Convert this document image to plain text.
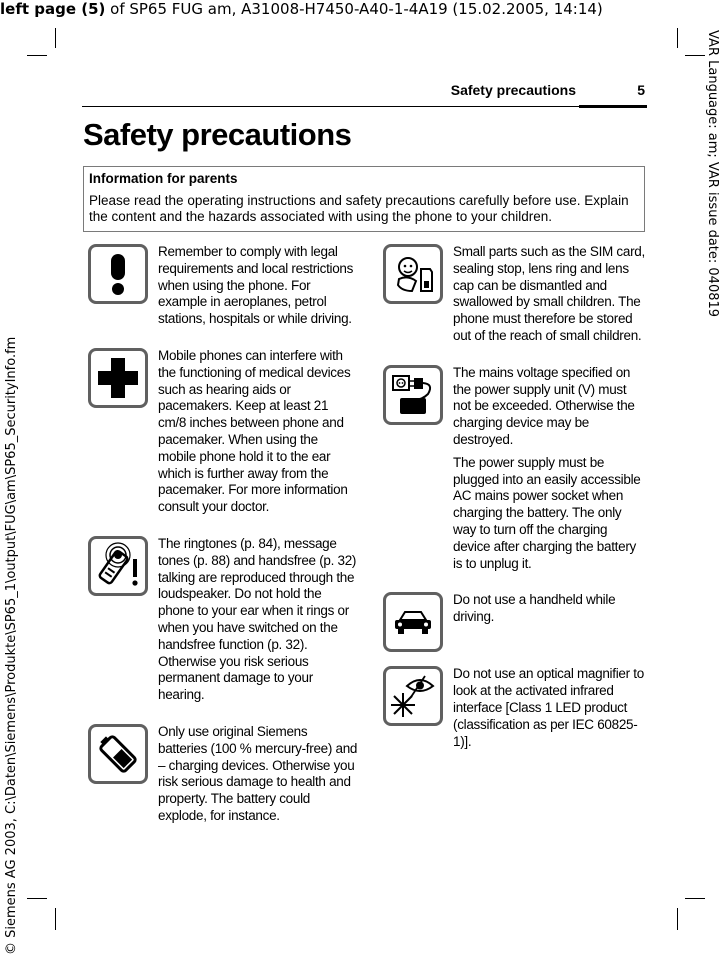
left page (5) of SP65 FUG am, A31008-H7450-A40-1-4A19 (15.02.2005, 14:14)
VAR Language: am; VAR issue date: 040819
© Siemens AG 2003, C:\Daten\Siemens\Produkte\SP65_1\output\FUG\am\SP65_SecurityInfo.fm
Safety precautions	5
Safety precautions
Information for parents
Please read the operating instructions and safety precautions carefully before use. Explain the content and the hazards associated with using the phone to your children.

Remember to comply with legal requirements and local restrictions when using the phone. For example in aeroplanes, petrol stations, hospitals or while driving.

Mobile phones can interfere with the functioning of medical devices such as hearing aids or pacemakers. Keep at least 21 cm/8 inches between phone and pacemaker. When using the mobile phone hold it to the ear which is further away from the pacemaker. For more information consult your doctor.

The ringtones (p. 84), message tones (p. 88) and handsfree (p. 32) talking are reproduced through the loudspeaker. Do not hold the phone to your ear when it rings or when you have switched on the handsfree function (p. 32). Otherwise you risk serious permanent damage to your hearing.

Only use original Siemens batteries (100 % mercury-free) and – charging devices. Otherwise you risk serious damage to health and property. The battery could explode, for instance.

Small parts such as the SIM card, sealing stop, lens ring and lens cap can be dismantled and swallowed by small children. The phone must therefore be stored out of the reach of small children.

The mains voltage specified on the power supply unit (V) must not be exceeded. Otherwise the charging device may be destroyed.

The power supply must be plugged into an easily accessible AC mains power socket when charging the battery. The only way to turn off the charging device after charging the battery is to unplug it.

Do not use a handheld while driving.

Do not use an optical magnifier to look at the activated infrared interface [Class 1 LED product (classification as per IEC 60825-1)].
